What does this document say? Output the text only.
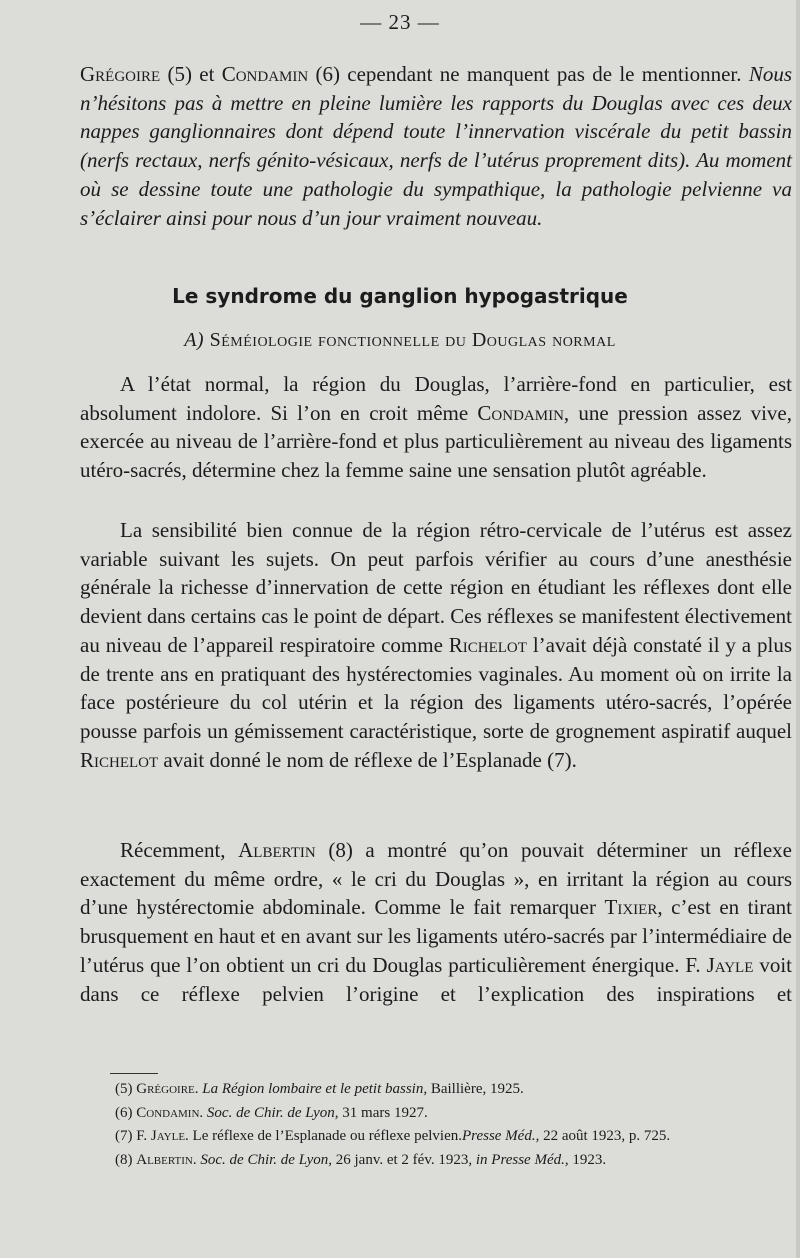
— 23 —
Grégoire (5) et Condamin (6) cependant ne manquent pas de le mentionner. Nous n’hésitons pas à mettre en pleine lumière les rapports du Douglas avec ces deux nappes ganglionnaires dont dépend toute l’innervation viscérale du petit bassin (nerfs rectaux, nerfs génito-vésicaux, nerfs de l’utérus proprement dits). Au moment où se dessine toute une pathologie du sympathique, la pathologie pelvienne va s’éclairer ainsi pour nous d’un jour vraiment nouveau.
Le syndrome du ganglion hypogastrique
A) Séméiologie fonctionnelle du Douglas normal
A l’état normal, la région du Douglas, l’arrière-fond en particulier, est absolument indolore. Si l’on en croit même Condamin, une pression assez vive, exercée au niveau de l’arrière-fond et plus particulièrement au niveau des ligaments utéro-sacrés, détermine chez la femme saine une sensation plutôt agréable.
La sensibilité bien connue de la région rétro-cervicale de l’utérus est assez variable suivant les sujets. On peut parfois vérifier au cours d’une anesthésie générale la richesse d’innervation de cette région en étudiant les réflexes dont elle devient dans certains cas le point de départ. Ces réflexes se manifestent électivement au niveau de l’appareil respiratoire comme Richelot l’avait déjà constaté il y a plus de trente ans en pratiquant des hystérectomies vaginales. Au moment où on irrite la face postérieure du col utérin et la région des ligaments utéro-sacrés, l’opérée pousse parfois un gémissement caractéristique, sorte de grognement aspiratif auquel Richelot avait donné le nom de réflexe de l’Esplanade (7).
Récemment, Albertin (8) a montré qu’on pouvait déterminer un réflexe exactement du même ordre, « le cri du Douglas », en irritant la région au cours d’une hystérectomie abdominale. Comme le fait remarquer Tixier, c’est en tirant brusquement en haut et en avant sur les ligaments utéro-sacrés par l’intermédiaire de l’utérus que l’on obtient un cri du Douglas particulièrement énergique. F. Jayle voit dans ce réflexe pelvien l’origine et l’explication des inspirations et
(5) Grégoire. La Région lombaire et le petit bassin, Baillière, 1925.
(6) Condamin. Soc. de Chir. de Lyon, 31 mars 1927.
(7) F. Jayle. Le réflexe de l’Esplanade ou réflexe pelvien.Presse Méd., 22 août 1923, p. 725.
(8) Albertin. Soc. de Chir. de Lyon, 26 janv. et 2 fév. 1923, in Presse Méd., 1923.
